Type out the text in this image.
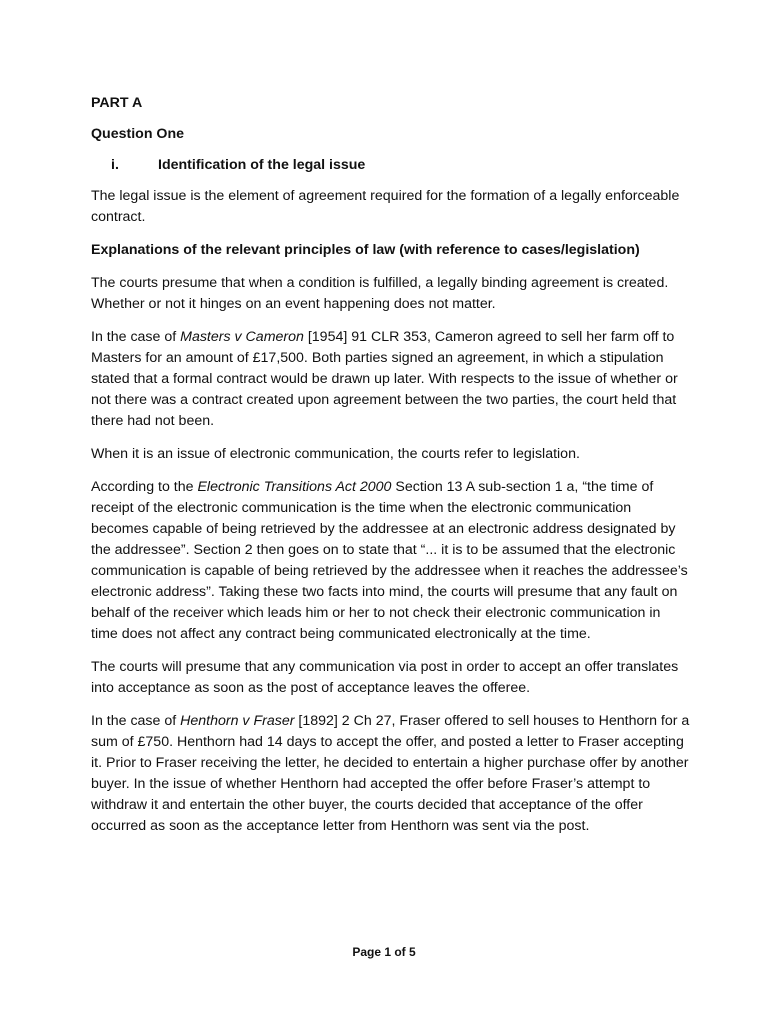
PART A
Question One
i.	Identification of the legal issue

The legal issue is the element of agreement required for the formation of a legally enforceable contract.

Explanations of the relevant principles of law (with reference to cases/legislation)

The courts presume that when a condition is fulfilled, a legally binding agreement is created. Whether or not it hinges on an event happening does not matter.

In the case of Masters v Cameron [1954] 91 CLR 353, Cameron agreed to sell her farm off to Masters for an amount of £17,500. Both parties signed an agreement, in which a stipulation stated that a formal contract would be drawn up later. With respects to the issue of whether or not there was a contract created upon agreement between the two parties, the court held that there had not been.

When it is an issue of electronic communication, the courts refer to legislation.

According to the Electronic Transitions Act 2000 Section 13 A sub-section 1 a, “the time of receipt of the electronic communication is the time when the electronic communication becomes capable of being retrieved by the addressee at an electronic address designated by the addressee”. Section 2 then goes on to state that “... it is to be assumed that the electronic communication is capable of being retrieved by the addressee when it reaches the addressee’s electronic address”. Taking these two facts into mind, the courts will presume that any fault on behalf of the receiver which leads him or her to not check their electronic communication in time does not affect any contract being communicated electronically at the time.

The courts will presume that any communication via post in order to accept an offer translates into acceptance as soon as the post of acceptance leaves the offeree.

In the case of Henthorn v Fraser [1892] 2 Ch 27, Fraser offered to sell houses to Henthorn for a sum of £750. Henthorn had 14 days to accept the offer, and posted a letter to Fraser accepting it. Prior to Fraser receiving the letter, he decided to entertain a higher purchase offer by another buyer. In the issue of whether Henthorn had accepted the offer before Fraser’s attempt to withdraw it and entertain the other buyer, the courts decided that acceptance of the offer occurred as soon as the acceptance letter from Henthorn was sent via the post.

Page 1 of 5
